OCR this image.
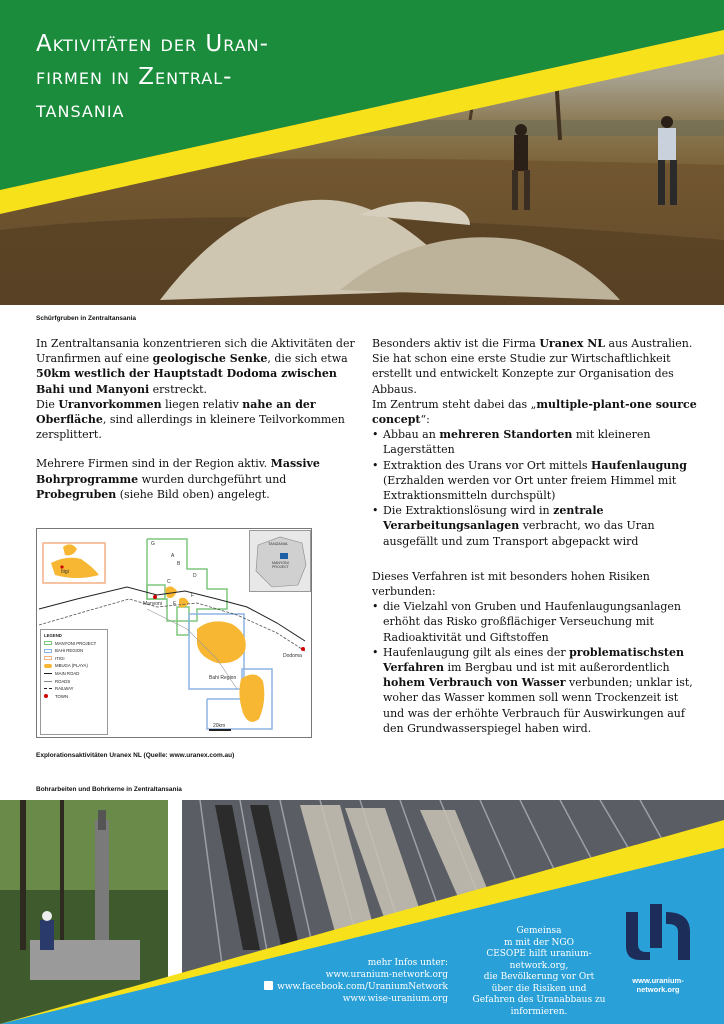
Aktivitäten der Uran-
firmen in Zentral-
tansania
Schürfgruben in Zentraltansania

In Zentraltansania konzentrieren sich die Aktivitäten der Uranfirmen auf eine geologische Senke, die sich etwa 50km westlich der Hauptstadt Dodoma zwischen Bahi und Manyoni erstreckt.

Die Uranvorkommen liegen relativ nahe an der Oberfläche, sind allerdings in kleinere Teilvorkommen zersplittert.

Mehrere Firmen sind in der Region aktiv. Massive Bohrprogramme wurden durchgeführt und Probegruben (siehe Bild oben) angelegt.

Itigi
Manyoni
Bahi Region
Dodoma
G
A
B
C
D
E
F
20km
TANZANIA
MANYONI PROJECT
LEGEND
MANYONI PROJECT
BAHI REGION
ITIGI
MBUGA (PLAYA)
MAIN ROAD
ROADS
RAILWAY
TOWN
Explorationsaktivitäten Uranex NL (Quelle: www.uranex.com.au)
Bohrarbeiten und Bohrkerne in Zentraltansania

Besonders aktiv ist die Firma Uranex NL aus Australien. Sie hat schon eine erste Studie zur Wirtschaftlichkeit erstellt und entwickelt Konzepte zur Organisation des Abbaus.

Im Zentrum steht dabei das „multiple-plant-one source concept“:

• Abbau an mehreren Standorten mit kleineren Lagerstätten
• Extraktion des Urans vor Ort mittels Haufenlaugung (Erzhalden werden vor Ort unter freiem Himmel mit Extraktionsmitteln durchspült)
• Die Extraktionslösung wird in zentrale Verarbeitungsanlagen verbracht, wo das Uran ausgefällt und zum Transport abgepackt wird

Dieses Verfahren ist mit besonders hohen Risiken verbunden:

• die Vielzahl von Gruben und Haufenlaugungsanlagen erhöht das Risko großflächiger Verseuchung mit Radioaktivität und Giftstoffen
• Haufenlaugung gilt als eines der problematischsten Verfahren im Bergbau und ist mit außerordentlich hohem Verbrauch von Wasser verbunden; unklar ist, woher das Wasser kommen soll wenn Trockenzeit ist und was der erhöhte Verbrauch für Auswirkungen auf den Grundwasserspiegel haben wird.
mehr Infos unter:
www.uranium-network.org
www.facebook.com/UraniumNetwork
www.wise-uranium.org
Gemeinsa
m mit der NGO
CESOPE hilft uranium-
network.org,
die Bevölkerung vor Ort
über die Risiken und
Gefahren des Uranabbaus zu
informieren.
www.uranium-
network.org
